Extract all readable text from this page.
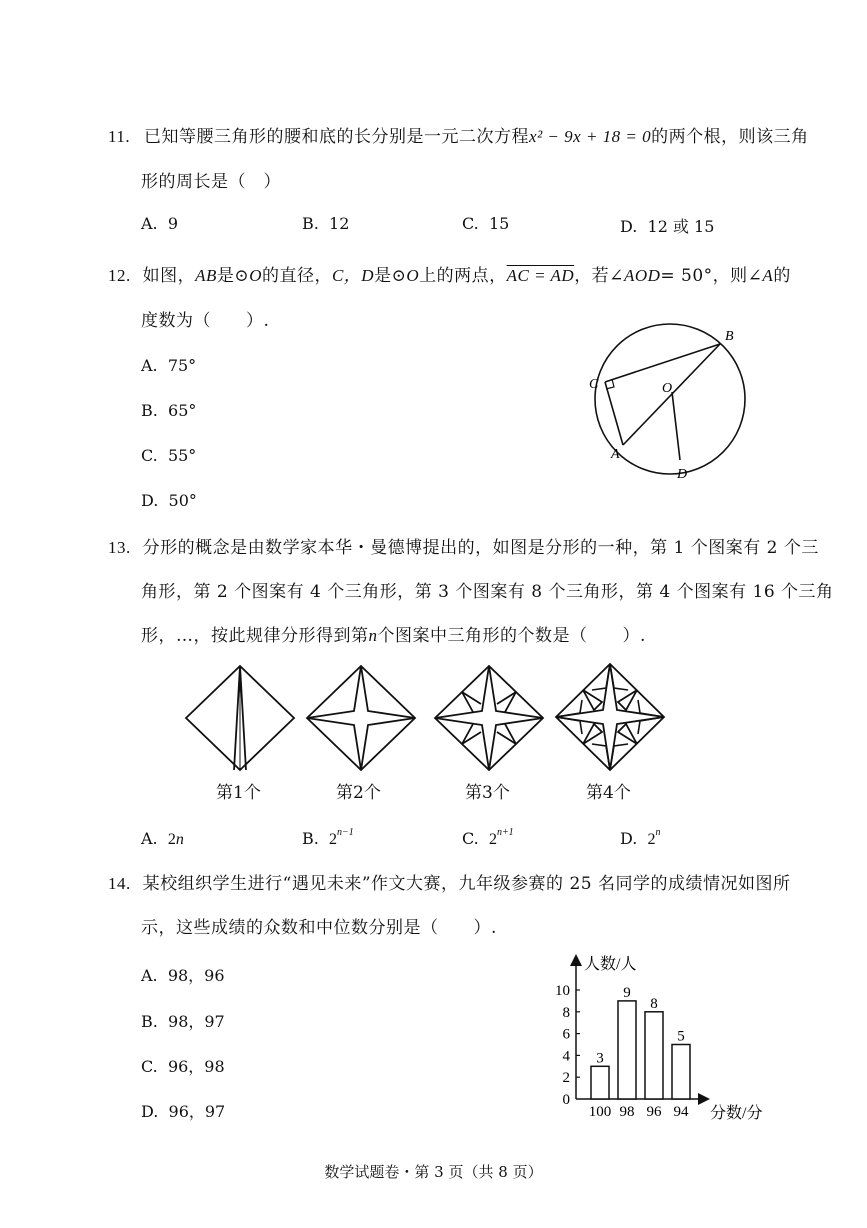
11. 已知等腰三角形的腰和底的长分别是一元二次方程x² − 9x + 18 = 0的两个根，则该三角
形的周长是（　）
A. 9	B. 12	C. 15	D. 12 或 15
12. 如图，AB是⊙O的直径，C，D是⊙O上的两点，AC = AD，若∠AOD= 50°，则∠A的
度数为（　　）.
A. 75°
B. 65°
C. 55°
D. 50°
B
C	O
A
D
13. 分形的概念是由数学家本华・曼德博提出的，如图是分形的一种，第 1 个图案有 2 个三
角形，第 2 个图案有 4 个三角形，第 3 个图案有 8 个三角形，第 4 个图案有 16 个三角
形，…，按此规律分形得到第n个图案中三角形的个数是（　　）.
第1个	第2个	第3个	第4个
A. 2n	B. $2^{n-1}$	C. $2^{n+1}$	D. 2$^n$
14. 某校组织学生进行“遇见未来”作文大赛，九年级参赛的 25 名同学的成绩情况如图所
示，这些成绩的众数和中位数分别是（　　）.
A. 98，96
B. 98，97
C. 96，98
D. 96，97
人数/人
分数/分
0
2
4
6
8
10
3
100
9
98
8
96
5
94
数学试题卷・第 3 页（共 8 页）
